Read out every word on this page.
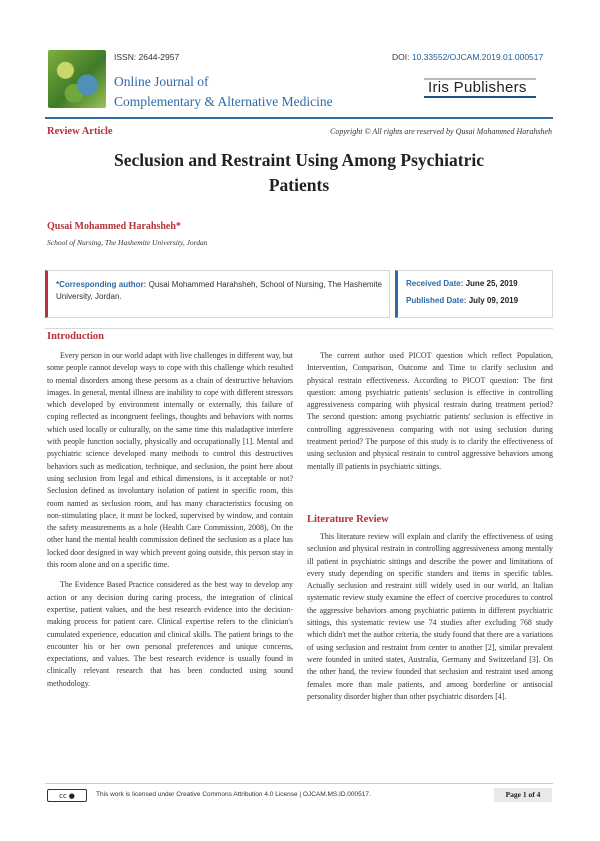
ISSN: 2644-2957	DOI: 10.33552/OJCAM.2019.01.000517
Online Journal of
Complementary & Alternative Medicine
Iris Publishers
Review Article	Copyright © All rights are reserved by Qusai Mohammed Harahsheh
Seclusion and Restraint Using Among Psychiatric
Patients
Qusai Mohammed Harahsheh*
School of Nursing, The Hashemite University, Jordan
*Corresponding author: Qusai Mohammed Harahsheh, School of Nursing, The Hashemite University, Jordan.
Received Date: June 25, 2019
Published Date: July 09, 2019
Introduction

Every person in our world adapt with live challenges in different way, but some people cannot develop ways to cope with this challenge which resulted to mental disorders among these persons as a chain of destructive behaviors images. In general, mental illness are inability to cope with different stressors which developed by environment internally or externally, this failure of coping reflected as incongruent feelings, thoughts and behaviors with norms which used locally or culturally, on the same time this maladaptive interfere with people function socially, physically and occupationally [1]. Mental and psychiatric science developed many methods to control this destructives behaviors such as medication, technique, and seclusion, the point here about using seclusion from legal and ethical dimensions, is it acceptable or not? Seclusion defined as involuntary isolation of patient in specific room, this room named as seclusion room, and has many characteristics focusing on non-stimulating place, it must be locked, supervised by window, and contain the safety measurements as a hole (Health Care Commission, 2008), On the other hand the mental health commission defined the seclusion as a place has locked door designed in way which prevent going outside, this person stay in this room alone and on a specific time.

The Evidence Based Practice considered as the best way to develop any action or any decision during caring process, the integration of clinical expertise, patient values, and the best research evidence into the decision-making process for patient care. Clinical expertise refers to the clinician's cumulated experience, education and clinical skills. The patient brings to the encounter his or her own personal preferences and unique concerns, expectations, and values. The best research evidence is usually found in clinically relevant research that has been conducted using sound methodology.

The current author used PICOT question which reflect Population, Intervention, Comparison, Outcome and Time to clarify seclusion and physical restrain effectiveness. According to PICOT question: The first question: among psychiatric patients' seclusion is effective in controlling aggressiveness comparing with physical restrain during treatment period? The second question: among psychiatric patients' seclusion is effective in controlling aggressiveness comparing with not using seclusion during treatment period? The purpose of this study is to clarify the effectiveness of using seclusion and physical restrain to control aggressive behaviors among mentally ill patients in psychiatric sittings.

Literature Review

This literature review will explain and clarify the effectiveness of using seclusion and physical restrain in controlling aggressiveness among mentally ill patient in psychiatric sittings and describe the power and limitations of every study depending on specific standers and items in specific tables. Actually seclusion and restraint still widely used in our world, an Italian systematic review study examine the effect of coercive procedures to control the aggressive behaviors among psychiatric patients in different psychiatric sittings, this systematic review use 74 studies after excluding 768 study which didn't met the author criteria, the study found that there are a variations of using seclusion and restraint from center to another [2], similar prevalent were founded in united states, Australia, Germany and Switzerland [3]. On the other hand, the review founded that seclusion and restraint used among females more than male patients, and among borderline or antisocial personality disorder higher than other psychiatric disorders [4].

cc ●	This work is licensed under Creative Commons Attribution 4.0 License | OJCAM.MS.ID.000517.	Page 1 of 4
